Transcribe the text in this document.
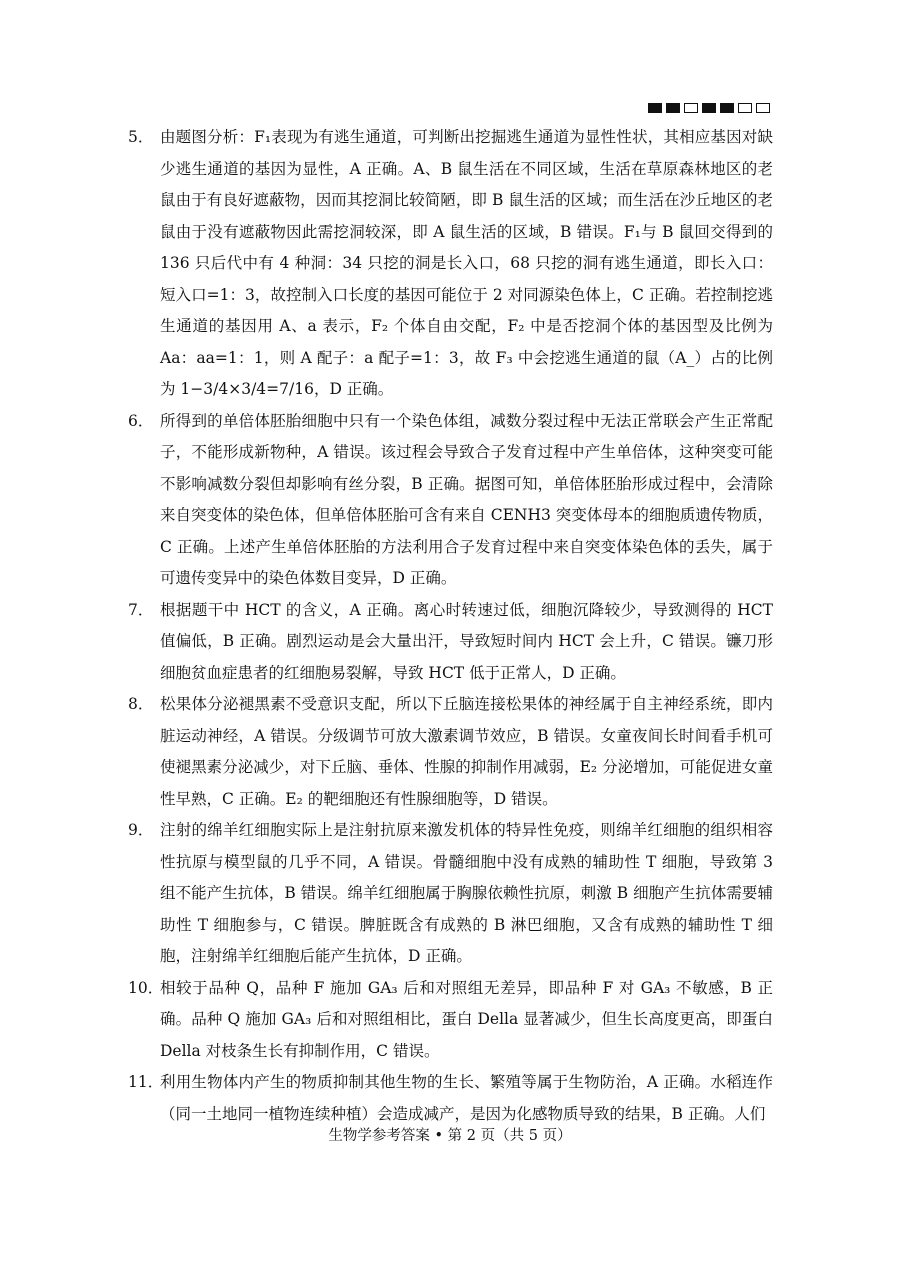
5． 由题图分析：F₁表现为有逃生通道，可判断出挖掘逃生通道为显性性状，其相应基因对缺少逃生通道的基因为显性，A 正确。A、B 鼠生活在不同区域，生活在草原森林地区的老鼠由于有良好遮蔽物，因而其挖洞比较简陋，即 B 鼠生活的区域；而生活在沙丘地区的老鼠由于没有遮蔽物因此需挖洞较深，即 A 鼠生活的区域，B 错误。F₁与 B 鼠回交得到的 136 只后代中有 4 种洞：34 只挖的洞是长入口，68 只挖的洞有逃生通道，即长入口：短入口=1：3，故控制入口长度的基因可能位于 2 对同源染色体上，C 正确。若控制挖逃生通道的基因用 A、a 表示，F₂ 个体自由交配，F₂ 中是否挖洞个体的基因型及比例为 Aa：aa=1：1，则 A 配子：a 配子=1：3，故 F₃ 中会挖逃生通道的鼠（A_）占的比例为 1−3/4×3/4=7/16，D 正确。

6． 所得到的单倍体胚胎细胞中只有一个染色体组，减数分裂过程中无法正常联会产生正常配子，不能形成新物种，A 错误。该过程会导致合子发育过程中产生单倍体，这种突变可能不影响减数分裂但却影响有丝分裂，B 正确。据图可知，单倍体胚胎形成过程中，会清除来自突变体的染色体，但单倍体胚胎可含有来自 CENH3 突变体母本的细胞质遗传物质，C 正确。上述产生单倍体胚胎的方法利用合子发育过程中来自突变体染色体的丢失，属于可遗传变异中的染色体数目变异，D 正确。

7． 根据题干中 HCT 的含义，A 正确。离心时转速过低，细胞沉降较少，导致测得的 HCT 值偏低，B 正确。剧烈运动是会大量出汗，导致短时间内 HCT 会上升，C 错误。镰刀形细胞贫血症患者的红细胞易裂解，导致 HCT 低于正常人，D 正确。

8． 松果体分泌褪黑素不受意识支配，所以下丘脑连接松果体的神经属于自主神经系统，即内脏运动神经，A 错误。分级调节可放大激素调节效应，B 错误。女童夜间长时间看手机可使褪黑素分泌减少，对下丘脑、垂体、性腺的抑制作用减弱，E₂ 分泌增加，可能促进女童性早熟，C 正确。E₂ 的靶细胞还有性腺细胞等，D 错误。

9． 注射的绵羊红细胞实际上是注射抗原来激发机体的特异性免疫，则绵羊红细胞的组织相容性抗原与模型鼠的几乎不同，A 错误。骨髓细胞中没有成熟的辅助性 T 细胞，导致第 3 组不能产生抗体，B 错误。绵羊红细胞属于胸腺依赖性抗原，刺激 B 细胞产生抗体需要辅助性 T 细胞参与，C 错误。脾脏既含有成熟的 B 淋巴细胞，又含有成熟的辅助性 T 细胞，注射绵羊红细胞后能产生抗体，D 正确。

10．
相较于品种 Q，品种 F 施加 GA₃ 后和对照组无差异，即品种 F 对 GA₃ 不敏感，B 正确。品种 Q 施加 GA₃ 后和对照组相比，蛋白 Della 显著减少，但生长高度更高，即蛋白 Della 对枝条生长有抑制作用，C 错误。

11．
利用生物体内产生的物质抑制其他生物的生长、繁殖等属于生物防治，A 正确。水稻连作（同一土地同一植物连续种植）会造成减产，是因为化感物质导致的结果，B 正确。人们

生物学参考答案 • 第 2 页（共 5 页）
